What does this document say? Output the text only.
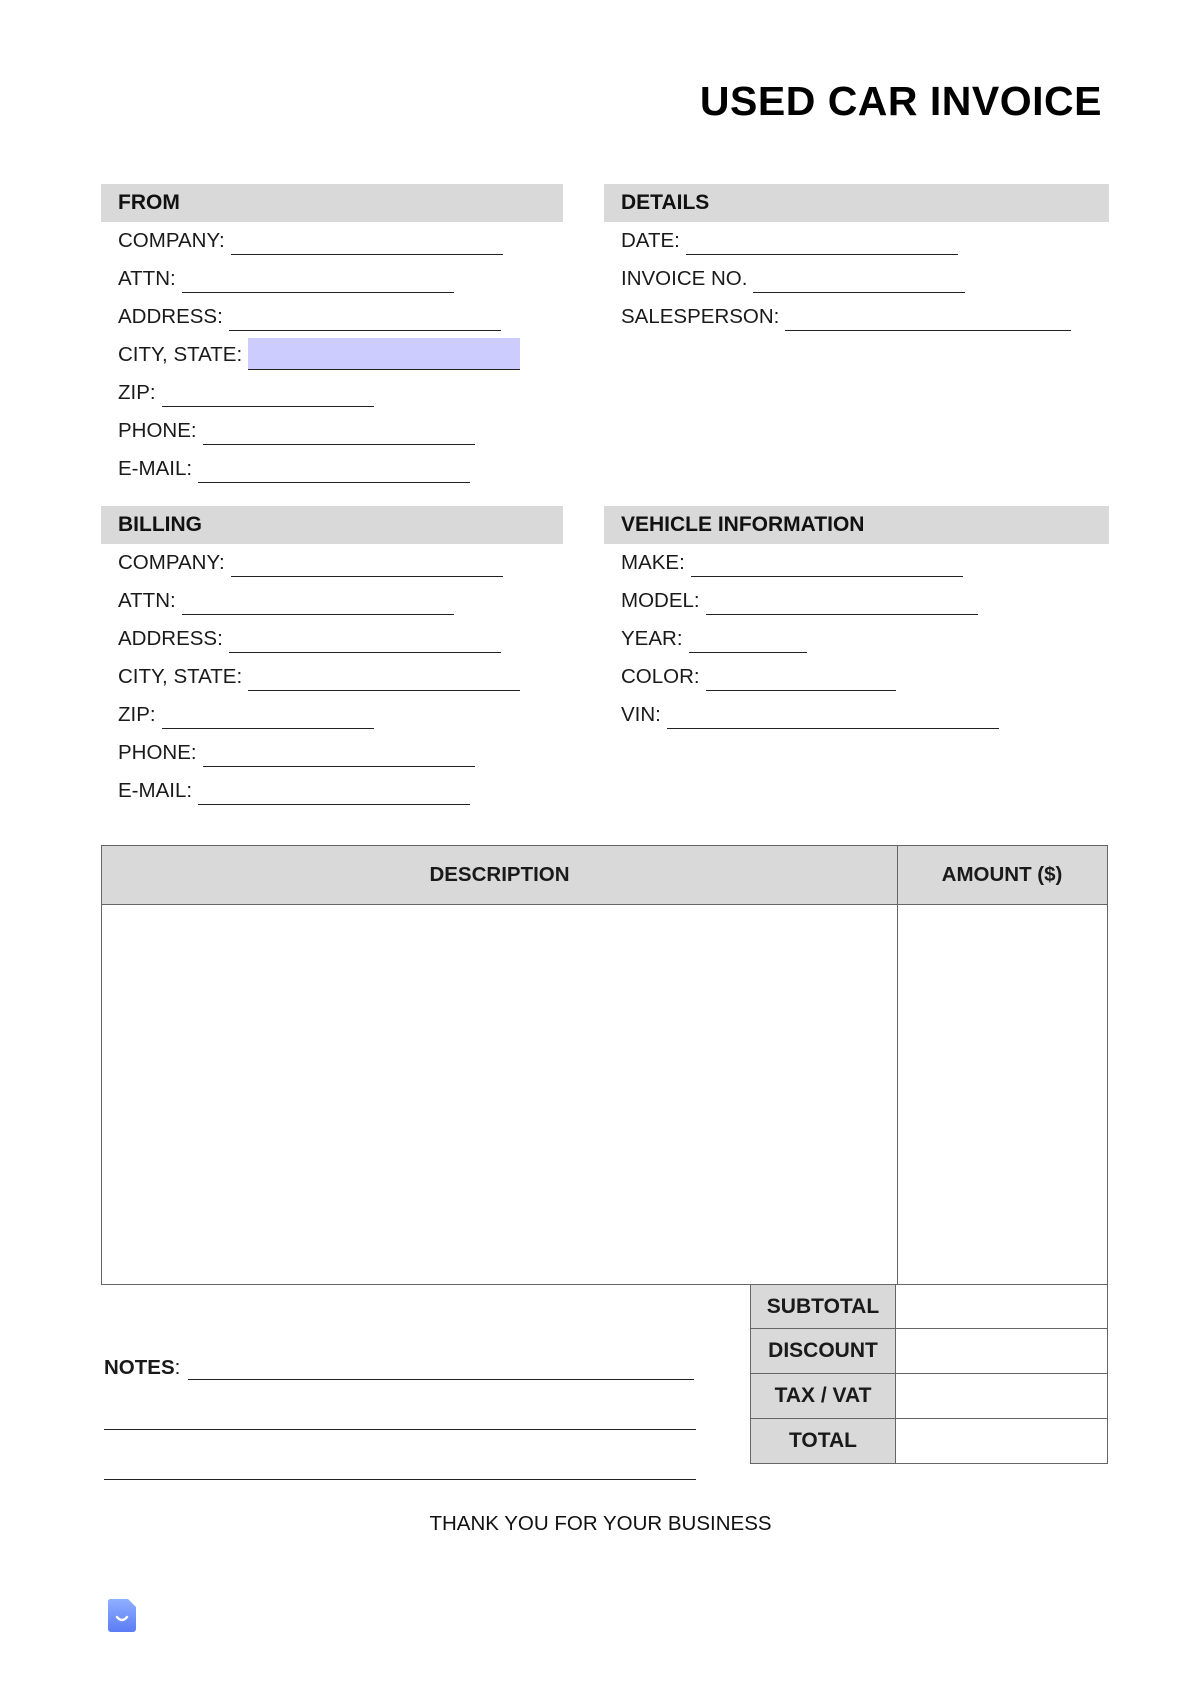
USED CAR INVOICE
FROM
COMPANY:
ATTN:
ADDRESS:
CITY, STATE:
ZIP:
PHONE:
E-MAIL:
DETAILS
DATE:
INVOICE NO.
SALESPERSON:
BILLING
COMPANY:
ATTN:
ADDRESS:
CITY, STATE:
ZIP:
PHONE:
E-MAIL:
VEHICLE INFORMATION
MAKE:
MODEL:
YEAR:
COLOR:
VIN:
DESCRIPTION	AMOUNT ($)
SUBTOTAL
DISCOUNT
TAX / VAT
TOTAL
NOTES :
THANK YOU FOR YOUR BUSINESS
